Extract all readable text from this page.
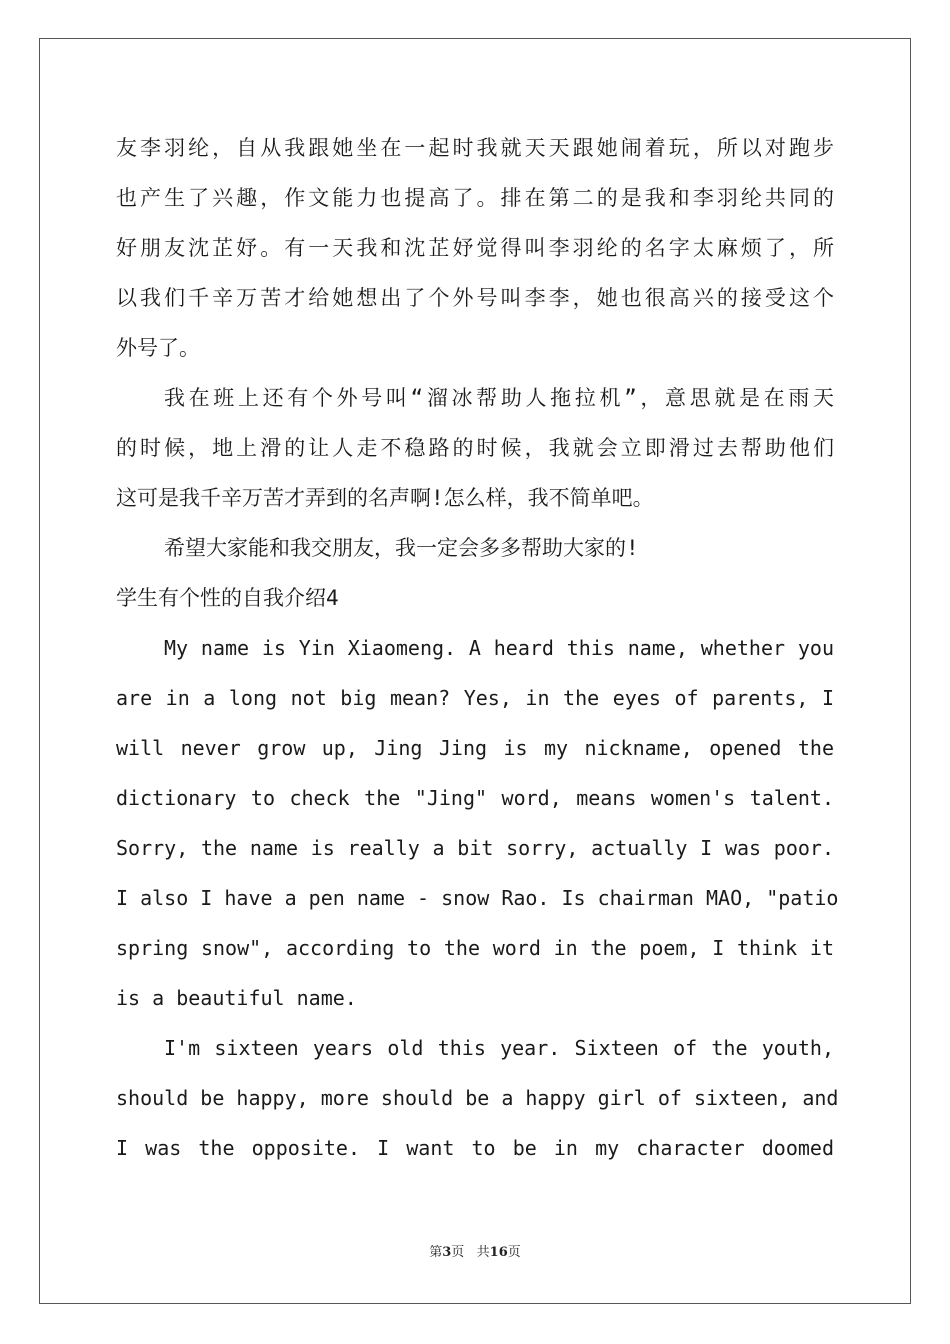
友李羽纶，自从我跟她坐在一起时我就天天跟她闹着玩，所以对跑步
也产生了兴趣，作文能力也提高了。排在第二的是我和李羽纶共同的
好朋友沈芷妤。有一天我和沈芷妤觉得叫李羽纶的名字太麻烦了，所
以我们千辛万苦才给她想出了个外号叫李李，她也很高兴的接受这个
外号了。
我在班上还有个外号叫“溜冰帮助人拖拉机”，意思就是在雨天
的时候，地上滑的让人走不稳路的时候，我就会立即滑过去帮助他们
这可是我千辛万苦才弄到的名声啊!怎么样，我不简单吧。
希望大家能和我交朋友，我一定会多多帮助大家的!
学生有个性的自我介绍4
My name is Yin Xiaomeng. A heard this name, whether you
are in a long not big mean? Yes, in the eyes of parents, I
will never grow up, Jing Jing is my nickname, opened the
dictionary to check the "Jing" word, means women's talent.
Sorry, the name is really a bit sorry, actually I was poor.
I also I have a pen name - snow Rao. Is chairman MAO, "patio
spring snow", according to the word in the poem, I think it
is a beautiful name.
I'm sixteen years old this year. Sixteen of the youth,
should be happy, more should be a happy girl of sixteen, and
I was the opposite. I want to be in my character doomed
第3页   共16页
